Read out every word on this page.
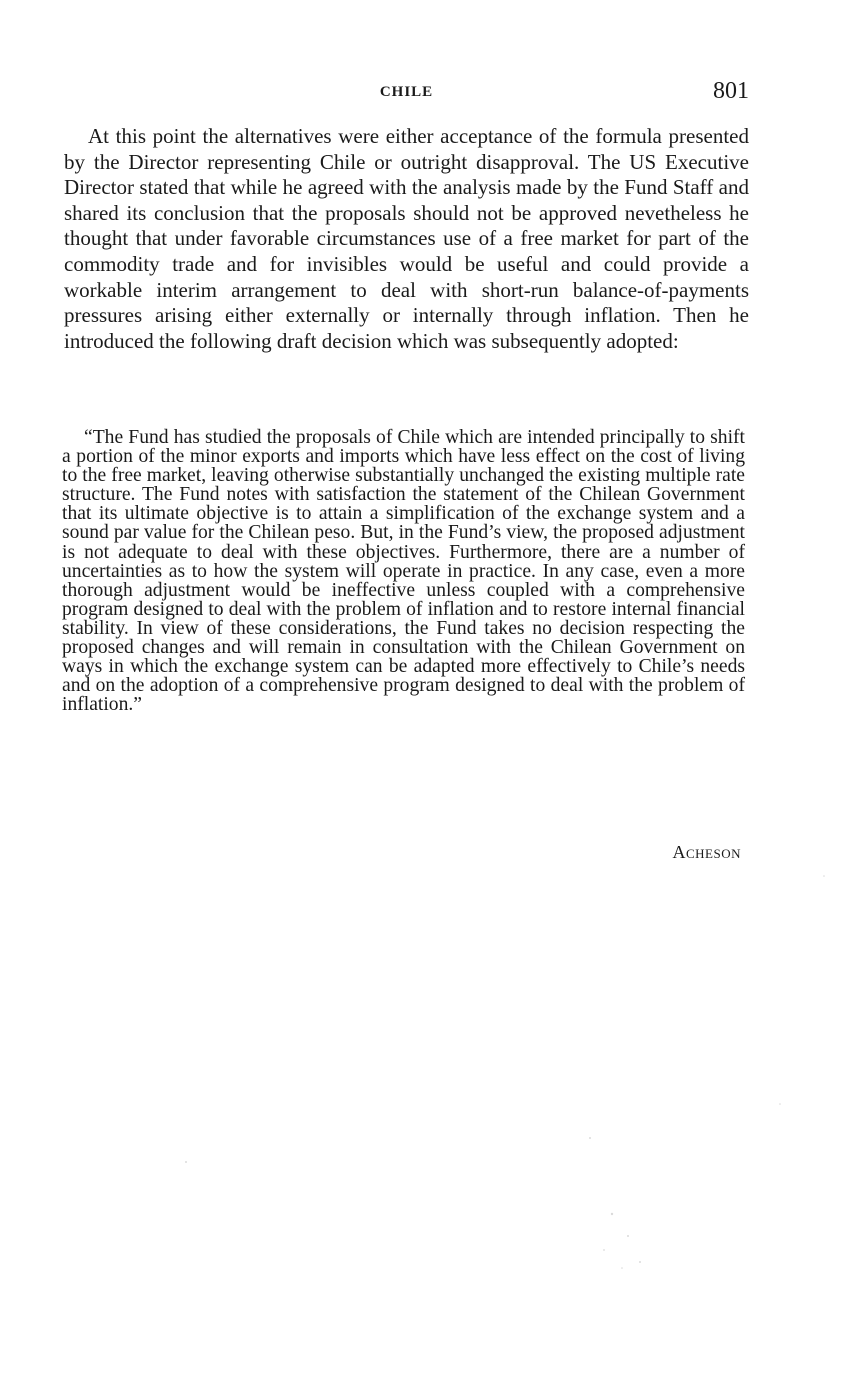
CHILE	801

At this point the alternatives were either acceptance of the formula presented by the Director representing Chile or outright disapproval. The US Executive Director stated that while he agreed with the analysis made by the Fund Staff and shared its conclusion that the proposals should not be approved nevetheless he thought that under favorable circumstances use of a free market for part of the commodity trade and for invisibles would be useful and could provide a workable interim arrangement to deal with short-run balance-of-payments pressures arising either externally or internally through inflation. Then he introduced the following draft decision which was subsequently adopted:

“The Fund has studied the proposals of Chile which are intended principally to shift a portion of the minor exports and imports which have less effect on the cost of living to the free market, leaving otherwise substantially unchanged the existing multiple rate structure. The Fund notes with satisfaction the statement of the Chilean Government that its ultimate objective is to attain a simplification of the exchange system and a sound par value for the Chilean peso. But, in the Fund’s view, the proposed adjustment is not adequate to deal with these objectives. Furthermore, there are a number of uncertainties as to how the system will operate in practice. In any case, even a more thorough adjustment would be ineffective unless coupled with a comprehensive program designed to deal with the problem of inflation and to restore internal financial stability. In view of these considerations, the Fund takes no decision respecting the proposed changes and will remain in consultation with the Chilean Government on ways in which the exchange system can be adapted more effectively to Chile’s needs and on the adoption of a comprehensive program designed to deal with the problem of inflation.”

Acheson
